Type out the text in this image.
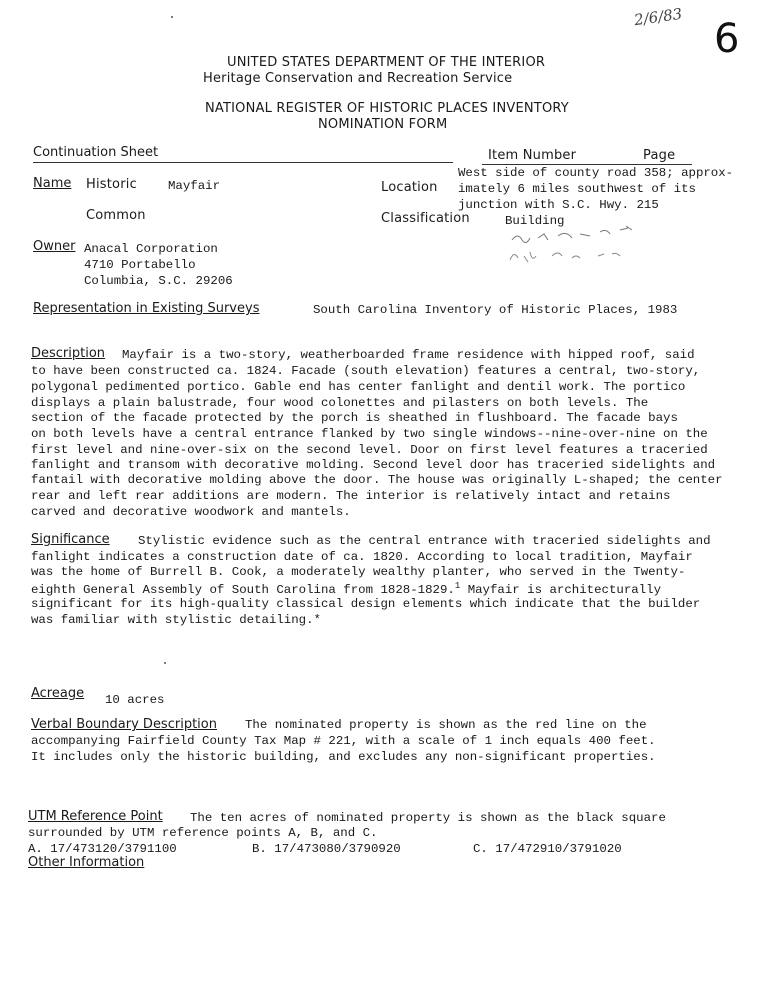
2/6/83 6
UNITED STATES DEPARTMENT OF THE INTERIOR
Heritage Conservation and Recreation Service
NATIONAL REGISTER OF HISTORIC PLACES INVENTORY
NOMINATION FORM
Continuation Sheet	Item Number	Page
Name Historic	Mayfair
Common
Location
West side of county road 358; approx-
imately 6 miles southwest of its
junction with S.C. Hwy. 215
Classification	Building
Owner Anacal Corporation
4710 Portabello
Columbia, S.C. 29206
Representation in Existing Surveys	South Carolina Inventory of Historic Places, 1983
Description Mayfair is a two-story, weatherboarded frame residence with hipped roof, said
to have been constructed ca. 1824. Facade (south elevation) features a central, two-story,
polygonal pedimented portico. Gable end has center fanlight and dentil work. The portico
displays a plain balustrade, four wood colonettes and pilasters on both levels. The
section of the facade protected by the porch is sheathed in flushboard. The facade bays
on both levels have a central entrance flanked by two single windows--nine-over-nine on the
first level and nine-over-six on the second level. Door on first level features a traceried
fanlight and transom with decorative molding. Second level door has traceried sidelights and
fantail with decorative molding above the door. The house was originally L-shaped; the center
rear and left rear additions are modern. The interior is relatively intact and retains
carved and decorative woodwork and mantels.
Significance Stylistic evidence such as the central entrance with traceried sidelights and
fanlight indicates a construction date of ca. 1820. According to local tradition, Mayfair
was the home of Burrell B. Cook, a moderately wealthy planter, who served in the Twenty-
eighth General Assembly of South Carolina from 1828-1829.$^1$ Mayfair is architecturally
significant for its high-quality classical design elements which indicate that the builder
was familiar with stylistic detailing.*
Acreage 10 acres
Verbal Boundary Description The nominated property is shown as the red line on the
accompanying Fairfield County Tax Map # 221, with a scale of 1 inch equals 400 feet.
It includes only the historic building, and excludes any non-significant properties.
UTM Reference Point The ten acres of nominated property is shown as the black square
surrounded by UTM reference points A, B, and C.
A. 17/473120/3791100	B. 17/473080/3790920	C. 17/472910/3791020
Other Information
